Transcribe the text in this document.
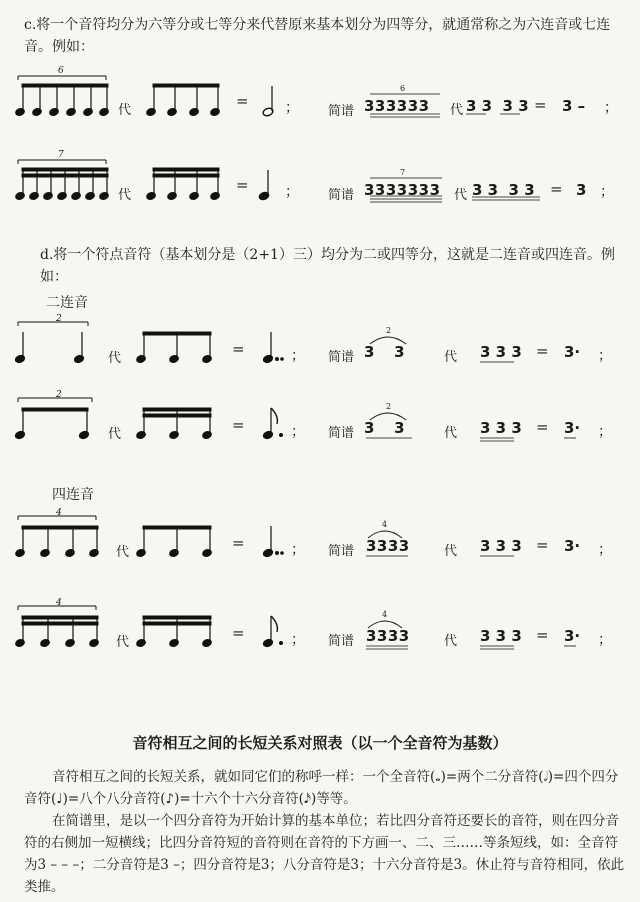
c.将一个音符均分为六等分或七等分来代替原来基本划分为四等分，就通常称之为六连音或七连音。例如：
6
代
=	； 简谱
6
333333 代 3 3  3 3 = 3 – ；
7
代
=	； 简谱
7
3333333 代 3 3  3 3 = 3 ；
d.将一个符点音符（基本划分是（2+1）三）均分为二或四等分，这就是二连音或四连音。例如：
二连音
2
代
=	； 简谱
2
3   3	代 3 3 3 = 3· ；
2
代
=	； 简谱
2
3   3	代 3 3 3 = 3· ；
四连音
4
代
=	； 简谱
4
3333	代 3 3 3 = 3· ；
4
代
=	； 简谱
4
3333	代 3 3 3 = 3· ；
音符相互之间的长短关系对照表（以一个全音符为基数）
音符相互之间的长短关系，就如同它们的称呼一样：一个全音符(𝅝)=两个二分音符(𝅗𝅥)=四个四分音符(♩)=八个八分音符(♪)=十六个十六分音符(𝅘𝅥𝅯)等等。
在简谱里，是以一个四分音符为开始计算的基本单位；若比四分音符还要长的音符，则在四分音符的右侧加一短横线；比四分音符短的音符则在音符的下方画一、二、三……等条短线，如：全音符为3 – – –；二分音符是3 –；四分音符是3；八分音符是3；十六分音符是3。休止符与音符相同，依此类推。
